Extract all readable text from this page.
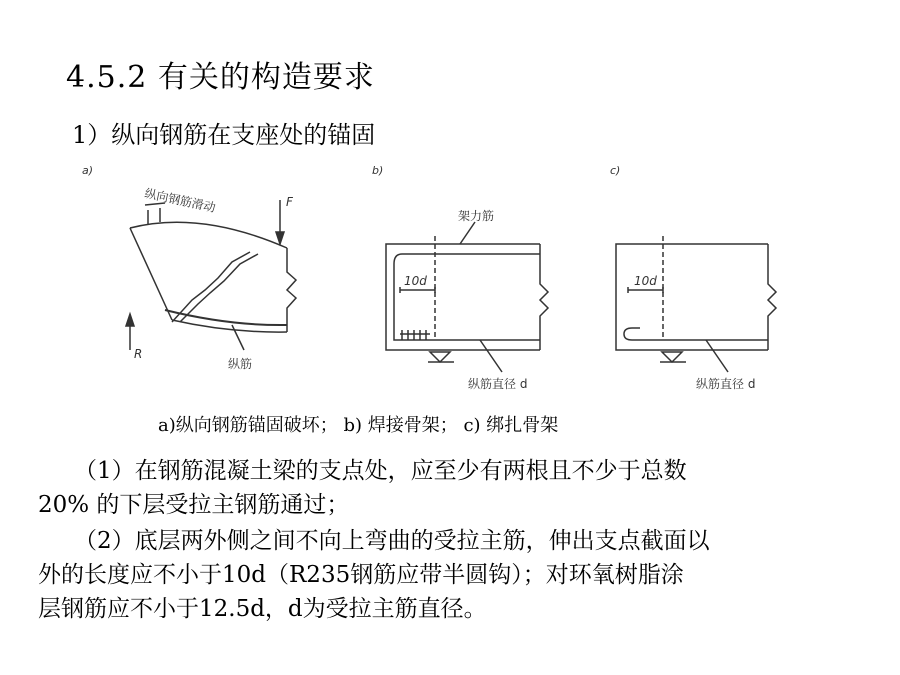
4.5.2 有关的构造要求
1）纵向钢筋在支座处的锚固
a)
纵向钢筋滑动	F
R
纵筋
b)
10d
架力筋
纵筋直径 d
c)
10d
纵筋直径 d
a)纵向钢筋锚固破坏； b) 焊接骨架； c) 绑扎骨架
（1）在钢筋混凝土梁的支点处，应至少有两根且不少于总数
20% 的下层受拉主钢筋通过；
（2）底层两外侧之间不向上弯曲的受拉主筋，伸出支点截面以
外的长度应不小于10d（R235钢筋应带半圆钩）；对环氧树脂涂
层钢筋应不小于12.5d，d为受拉主筋直径。
